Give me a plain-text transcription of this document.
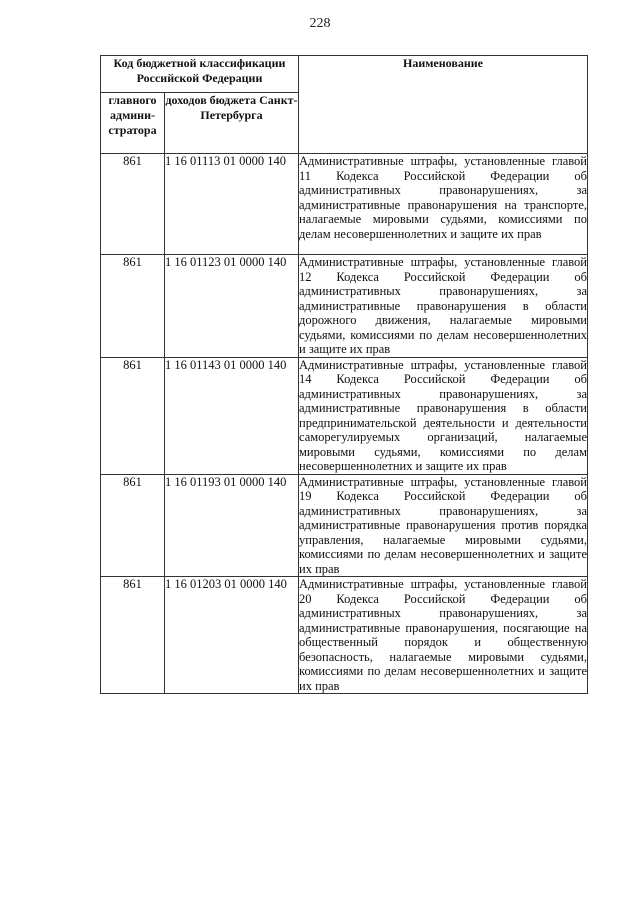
228
Код бюджетной классификации Российской Федерации		Наименование
главного админи-стратора	доходов бюджета Санкт-Петербурга	
861	1 16 01113 01 0000 140	Административные штрафы, установленные главой 11 Кодекса Российской Федерации об административных правонарушениях, за административные правонарушения на транспорте, налагаемые мировыми судьями, комиссиями по делам несовершеннолетних и защите их прав
861	1 16 01123 01 0000 140	Административные штрафы, установленные главой 12 Кодекса Российской Федерации об административных правонарушениях, за административные правонарушения в области дорожного движения, налагаемые мировыми судьями, комиссиями по делам несовершеннолетних и защите их прав
861	1 16 01143 01 0000 140	Административные штрафы, установленные главой 14 Кодекса Российской Федерации об административных правонарушениях, за административные правонарушения в области предпринимательской деятельности и деятельности саморегулируемых организаций, налагаемые мировыми судьями, комиссиями по делам несовершеннолетних и защите их прав
861	1 16 01193 01 0000 140	Административные штрафы, установленные главой 19 Кодекса Российской Федерации об административных правонарушениях, за административные правонарушения против порядка управления, налагаемые мировыми судьями, комиссиями по делам несовершеннолетних и защите их прав
861	1 16 01203 01 0000 140	Административные штрафы, установленные главой 20 Кодекса Российской Федерации об административных правонарушениях, за административные правонарушения, посягающие на общественный порядок и общественную безопасность, налагаемые мировыми судьями, комиссиями по делам несовершеннолетних и защите их прав
